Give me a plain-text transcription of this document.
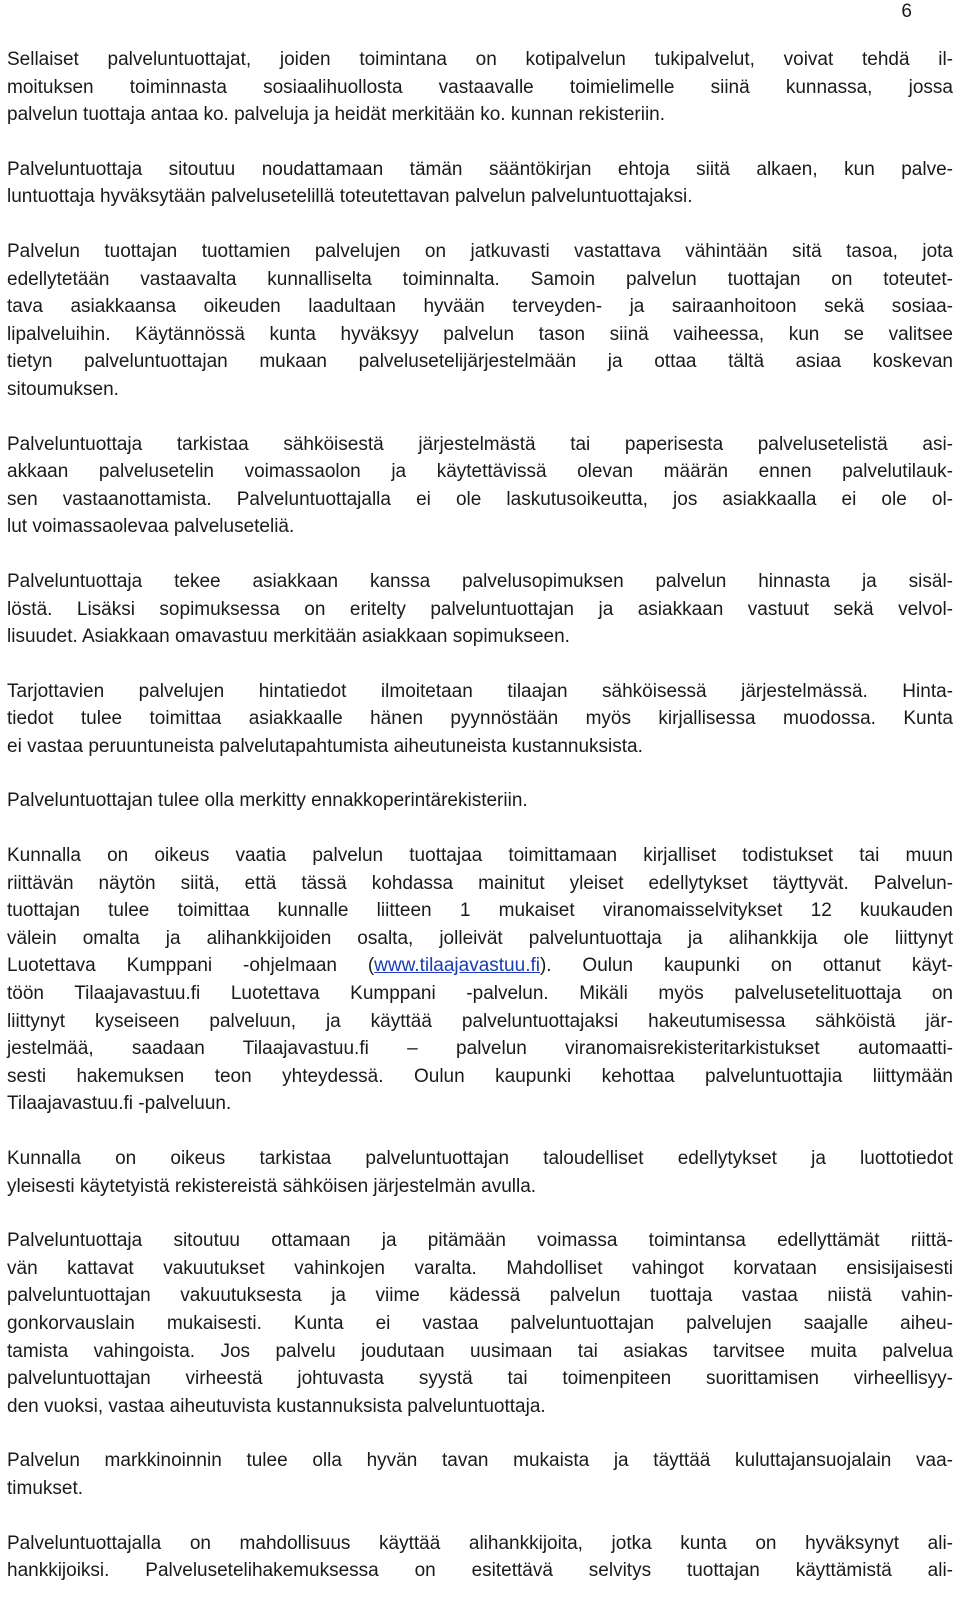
6

Sellaiset palveluntuottajat, joiden toimintana on kotipalvelun tukipalvelut, voivat tehdä il-
moituksen toiminnasta sosiaalihuollosta vastaavalle toimielimelle siinä kunnassa, jossa
palvelun tuottaja antaa ko. palveluja ja heidät merkitään ko. kunnan rekisteriin.

Palveluntuottaja sitoutuu noudattamaan tämän sääntökirjan ehtoja siitä alkaen, kun palve-
luntuottaja hyväksytään palvelusetelillä toteutettavan palvelun palveluntuottajaksi.

Palvelun tuottajan tuottamien palvelujen on jatkuvasti vastattava vähintään sitä tasoa, jota
edellytetään vastaavalta kunnalliselta toiminnalta. Samoin palvelun tuottajan on toteutet-
tava asiakkaansa oikeuden laadultaan hyvään terveyden- ja sairaanhoitoon sekä sosiaa-
lipalveluihin. Käytännössä kunta hyväksyy palvelun tason siinä vaiheessa, kun se valitsee
tietyn palveluntuottajan mukaan palvelusetelijärjestelmään ja ottaa tältä asiaa koskevan
sitoumuksen.

Palveluntuottaja tarkistaa sähköisestä järjestelmästä tai paperisesta palvelusetelistä asi-
akkaan palvelusetelin voimassaolon ja käytettävissä olevan määrän ennen palvelutilauk-
sen vastaanottamista. Palveluntuottajalla ei ole laskutusoikeutta, jos asiakkaalla ei ole ol-
lut voimassaolevaa palveluseteliä.

Palveluntuottaja tekee asiakkaan kanssa palvelusopimuksen palvelun hinnasta ja sisäl-
löstä. Lisäksi sopimuksessa on eritelty palveluntuottajan ja asiakkaan vastuut sekä velvol-
lisuudet. Asiakkaan omavastuu merkitään asiakkaan sopimukseen.

Tarjottavien palvelujen hintatiedot ilmoitetaan tilaajan sähköisessä järjestelmässä. Hinta-
tiedot tulee toimittaa asiakkaalle hänen pyynnöstään myös kirjallisessa muodossa. Kunta
ei vastaa peruuntuneista palvelutapahtumista aiheutuneista kustannuksista.

Palveluntuottajan tulee olla merkitty ennakkoperintärekisteriin.

Kunnalla on oikeus vaatia palvelun tuottajaa toimittamaan kirjalliset todistukset tai muun
riittävän näytön siitä, että tässä kohdassa mainitut yleiset edellytykset täyttyvät. Palvelun-
tuottajan tulee toimittaa kunnalle liitteen 1 mukaiset viranomaisselvitykset 12 kuukauden
välein omalta ja alihankkijoiden osalta, jolleivät palveluntuottaja ja alihankkija ole liittynyt
Luotettava Kumppani -ohjelmaan (www.tilaajavastuu.fi). Oulun kaupunki on ottanut käyt-
töön Tilaajavastuu.fi Luotettava Kumppani -palvelun. Mikäli myös palvelusetelituottaja on
liittynyt kyseiseen palveluun, ja käyttää palveluntuottajaksi hakeutumisessa sähköistä jär-
jestelmää, saadaan Tilaajavastuu.fi – palvelun viranomaisrekisteritarkistukset automaatti-
sesti hakemuksen teon yhteydessä. Oulun kaupunki kehottaa palveluntuottajia liittymään
Tilaajavastuu.fi -palveluun.

Kunnalla on oikeus tarkistaa palveluntuottajan taloudelliset edellytykset ja luottotiedot
yleisesti käytetyistä rekistereistä sähköisen järjestelmän avulla.

Palveluntuottaja sitoutuu ottamaan ja pitämään voimassa toimintansa edellyttämät riittä-
vän kattavat vakuutukset vahinkojen varalta. Mahdolliset vahingot korvataan ensisijaisesti
palveluntuottajan vakuutuksesta ja viime kädessä palvelun tuottaja vastaa niistä vahin-
gonkorvauslain mukaisesti. Kunta ei vastaa palveluntuottajan palvelujen saajalle aiheu-
tamista vahingoista. Jos palvelu joudutaan uusimaan tai asiakas tarvitsee muita palvelua
palveluntuottajan virheestä johtuvasta syystä tai toimenpiteen suorittamisen virheellisyy-
den vuoksi, vastaa aiheutuvista kustannuksista palveluntuottaja.

Palvelun markkinoinnin tulee olla hyvän tavan mukaista ja täyttää kuluttajansuojalain vaa-
timukset.

Palveluntuottajalla on mahdollisuus käyttää alihankkijoita, jotka kunta on hyväksynyt ali-
hankkijoiksi. Palvelusetelihakemuksessa on esitettävä selvitys tuottajan käyttämistä ali-
